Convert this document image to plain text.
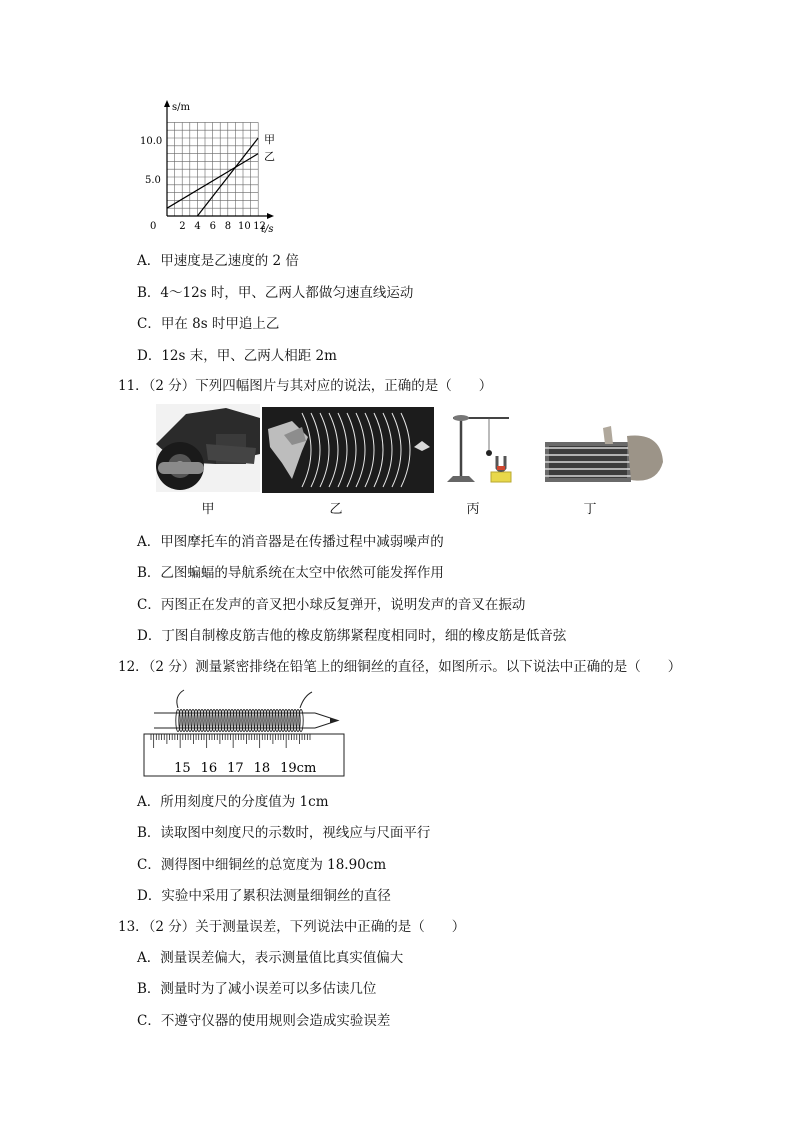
s/m
t/s
10.0
5.0
0 2 4 6 8 10 12
甲
乙
A．甲速度是乙速度的 2 倍
B．4～12s 时，甲、乙两人都做匀速直线运动
C．甲在 8s 时甲追上乙
D．12s 末，甲、乙两人相距 2m
11．（2 分）下列四幅图片与其对应的说法，正确的是（　　）
甲	乙	丙	丁
A．甲图摩托车的消音器是在传播过程中减弱噪声的
B．乙图蝙蝠的导航系统在太空中依然可能发挥作用
C．丙图正在发声的音叉把小球反复弹开，说明发声的音叉在振动
D．丁图自制橡皮筋吉他的橡皮筋绑紧程度相同时，细的橡皮筋是低音弦
12．（2 分）测量紧密排绕在铅笔上的细铜丝的直径，如图所示。以下说法中正确的是（　　）
15 16 17 18 19cm
A．所用刻度尺的分度值为 1cm
B．读取图中刻度尺的示数时，视线应与尺面平行
C．测得图中细铜丝的总宽度为 18.90cm
D．实验中采用了累积法测量细铜丝的直径
13．（2 分）关于测量误差，下列说法中正确的是（　　）
A．测量误差偏大，表示测量值比真实值偏大
B．测量时为了减小误差可以多估读几位
C．不遵守仪器的使用规则会造成实验误差
